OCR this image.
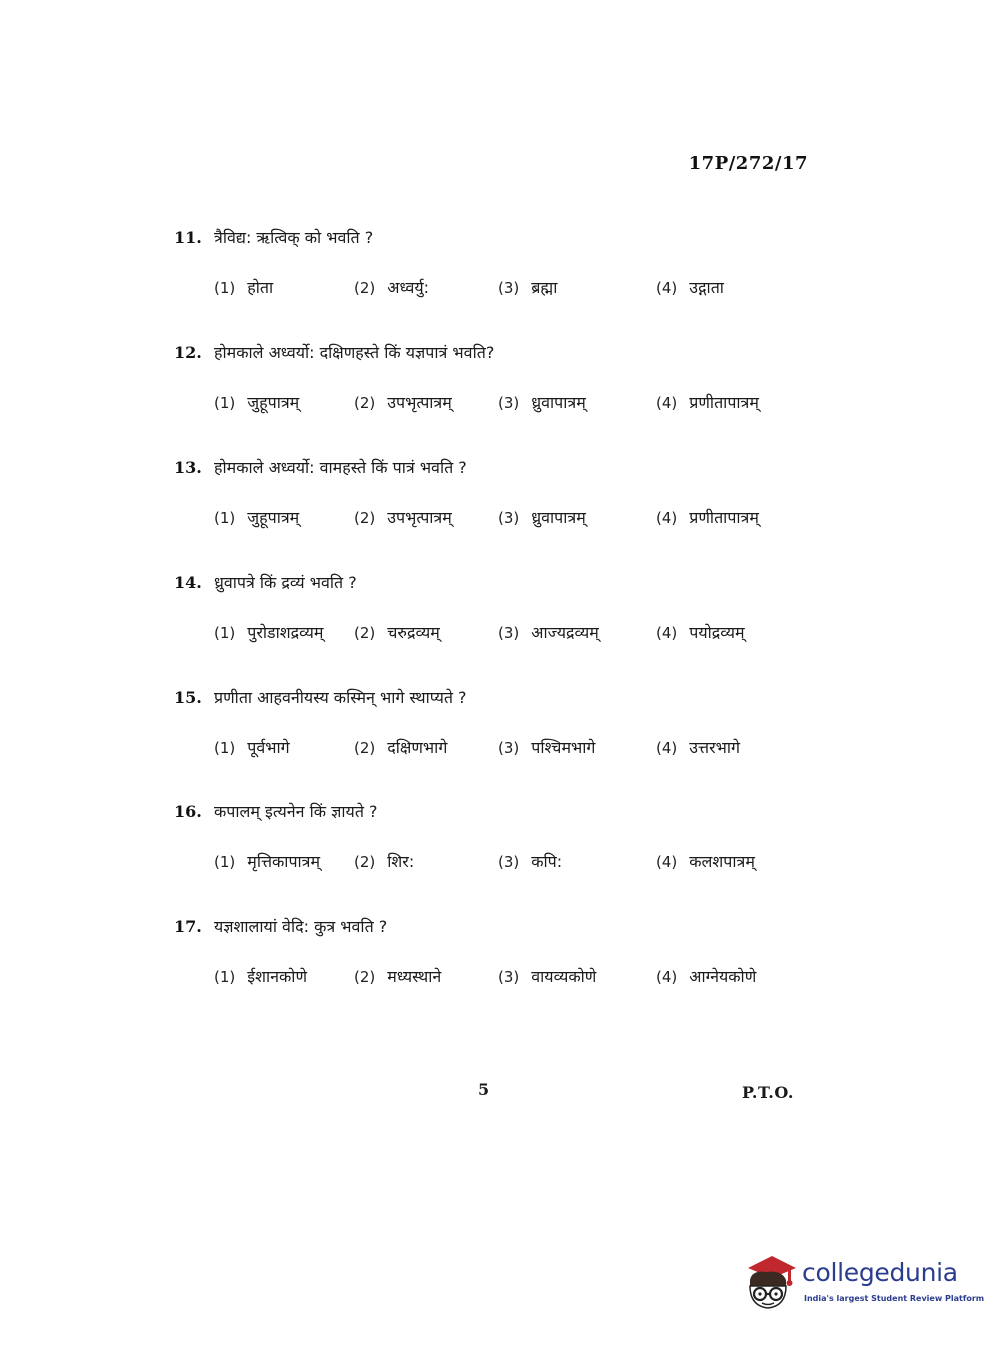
17P/272/17
11. त्रैविद्य: ऋत्विक् को भवति ?
(1) होता	(2) अध्वर्यु:	(3) ब्रह्मा	(4) उद्गाता
12. होमकाले अध्वर्यो: दक्षिणहस्ते किं यज्ञपात्रं भवति?
(1) जुहूपात्रम्	(2) उपभृत्पात्रम्	(3) ध्रुवापात्रम्	(4) प्रणीतापात्रम्
13. होमकाले अध्वर्यो: वामहस्ते किं पात्रं भवति ?
(1) जुहूपात्रम्	(2) उपभृत्पात्रम्	(3) ध्रुवापात्रम्	(4) प्रणीतापात्रम्
14. ध्रुवापत्रे किं द्रव्यं भवति ?
(1) पुरोडाशद्रव्यम् (2) चरुद्रव्यम्	(3) आज्यद्रव्यम्	(4) पयोद्रव्यम्
15. प्रणीता आहवनीयस्य कस्मिन् भागे स्थाप्यते ?
(1) पूर्वभागे	(2) दक्षिणभागे	(3) पश्चिमभागे	(4) उत्तरभागे
16. कपालम् इत्यनेन किं ज्ञायते ?
(1) मृत्तिकापात्रम् (2) शिर:	(3) कपि:	(4) कलशपात्रम्
17. यज्ञशालायां वेदि: कुत्र भवति ?
(1) ईशानकोणे	(2) मध्यस्थाने	(3) वायव्यकोणे	(4) आग्नेयकोणे
5	P.T.O.
collegedunia
India's largest Student Review Platform
